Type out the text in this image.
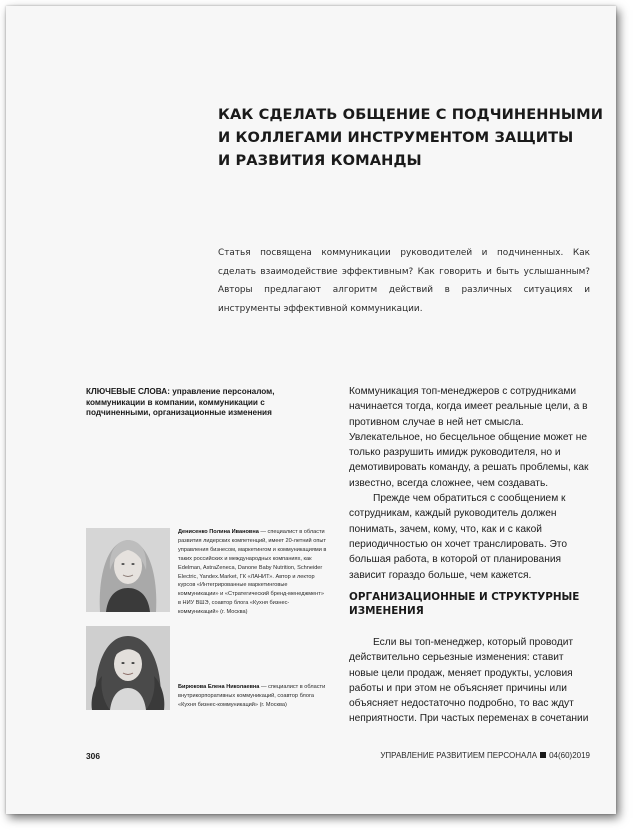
КАК СДЕЛАТЬ ОБЩЕНИЕ С ПОДЧИНЕННЫМИ
И КОЛЛЕГАМИ ИНСТРУМЕНТОМ ЗАЩИТЫ
И РАЗВИТИЯ КОМАНДЫ
Статья посвящена коммуникации руководителей и подчиненных. Как сделать взаимодействие эффективным? Как говорить и быть услышанным? Авторы предлагают алгоритм действий в различных ситуациях и инструменты эффективной коммуникации.
КЛЮЧЕВЫЕ СЛОВА: управление персоналом, коммуникации в компании, коммуникации с подчиненными, организационные изменения

Коммуникация топ-менеджеров с сотрудниками начинается тогда, когда имеет реальные цели, а в противном случае в ней нет смысла. Увлекательное, но бесцельное общение может не только разрушить имидж руководителя, но и демотивировать команду, а решать проблемы, как известно, всегда сложнее, чем создавать.

Прежде чем обратиться с сообщением к сотрудникам, каждый руководитель должен понимать, зачем, кому, что, как и с какой периодичностью он хочет транслировать. Это большая работа, в которой от планирования зависит гораздо больше, чем кажется.

ОРГАНИЗАЦИОННЫЕ И СТРУКТУРНЫЕ ИЗМЕНЕНИЯ

Если вы топ-менеджер, который проводит действительно серьезные изменения: ставит новые цели продаж, меняет продукты, условия работы и при этом не объясняет причины или объясняет недостаточно подробно, то вас ждут неприятности. При частых переменах в сочетании

Денисенко Полина Ивановна — специалист в области развития лидерских компетенций, имеет 20-летний опыт управления бизнесом, маркетингом и коммуникациями в таких российских и международных компаниях, как Edelman, AstraZeneca, Danone Baby Nutrition, Schneider Electric, Yandex.Market, ГК «ЛАНИТ». Автор и лектор курсов «Интегрированные маркетинговые коммуникации» и «Стратегический бренд-менеджмент» в НИУ ВШЭ, соавтор блога «Кухня бизнес-коммуникаций» (г. Москва)
Бирюкова Елена Николаевна — специалист в области внутрикорпоративных коммуникаций, соавтор блога «Кухня бизнес-коммуникаций» (г. Москва)
306	УПРАВЛЕНИЕ РАЗВИТИЕМ ПЕРСОНАЛА 04(60)2019
